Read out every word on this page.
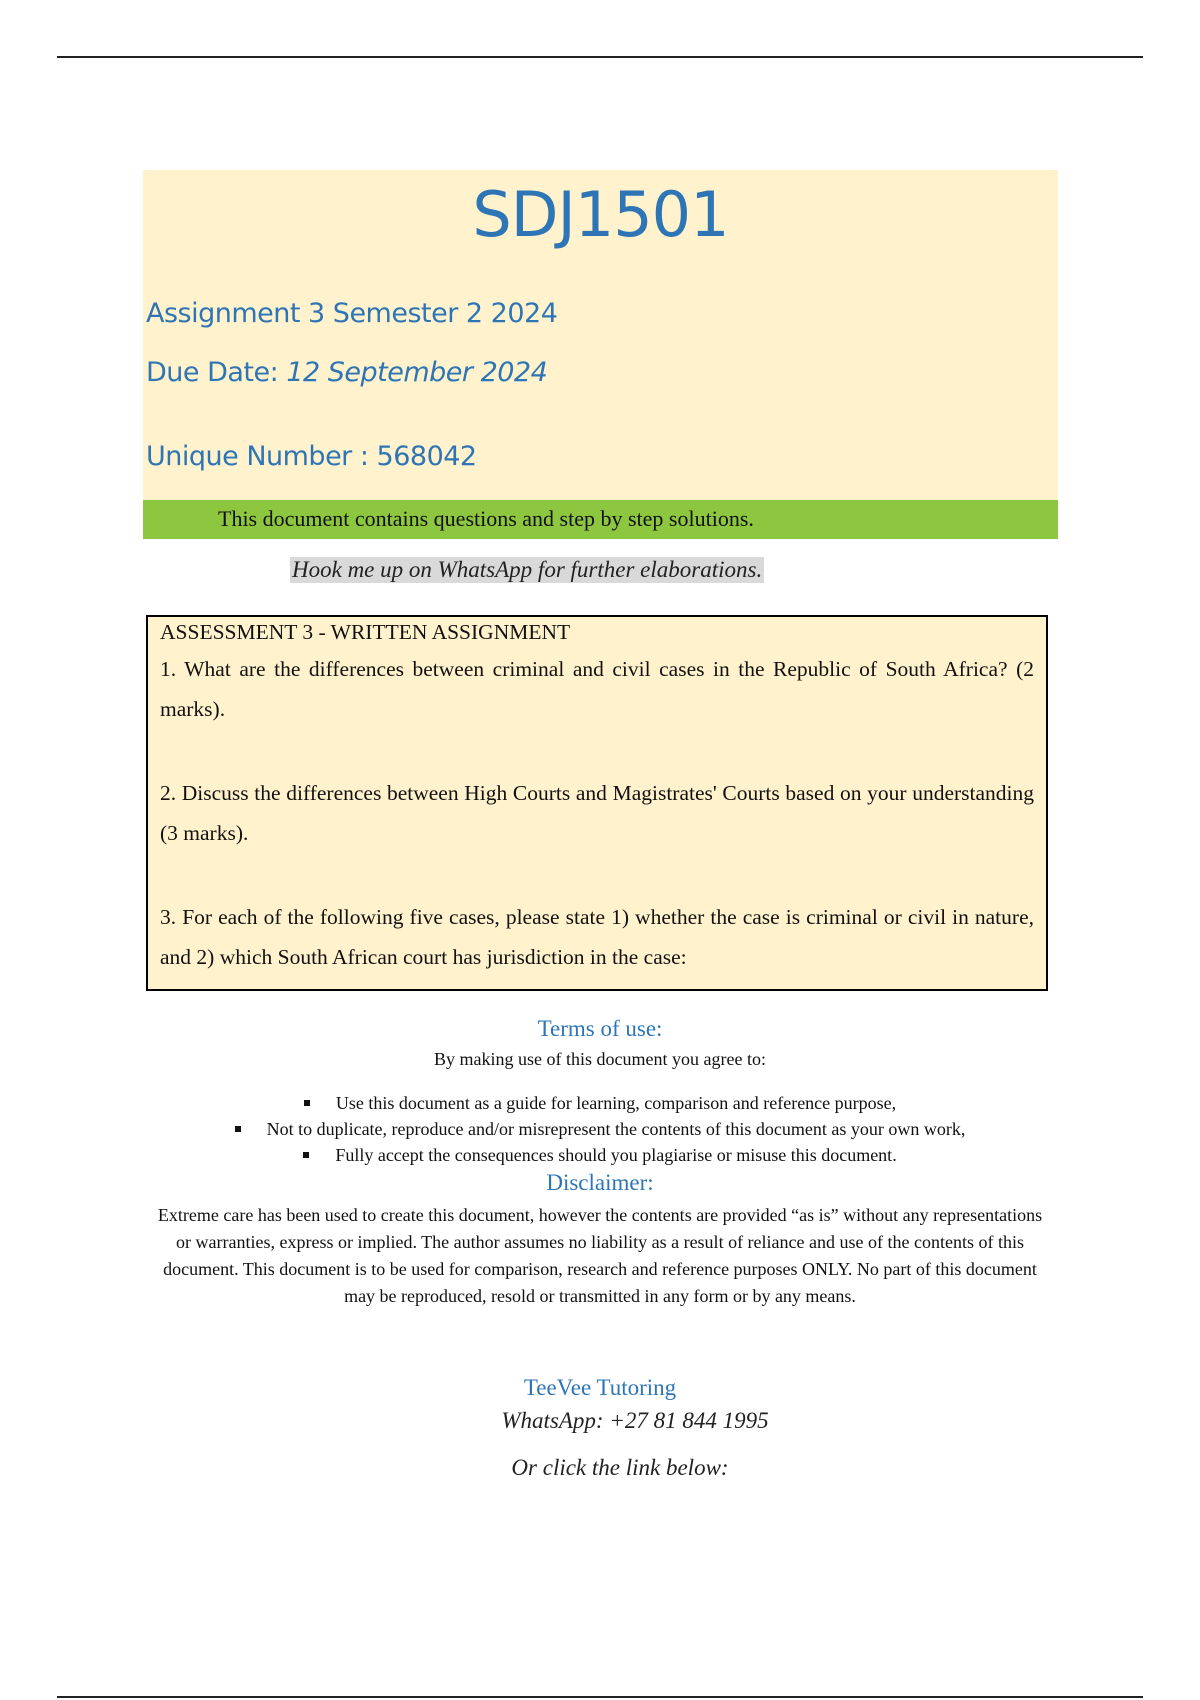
SDJ1501
Assignment 3 Semester 2 2024
Due Date: 12 September 2024
Unique Number : 568042
This document contains questions and step by step solutions.
Hook me up on WhatsApp for further elaborations.
ASSESSMENT 3 - WRITTEN ASSIGNMENT

1. What are the differences between criminal and civil cases in the Republic of South Africa? (2 marks).

2. Discuss the differences between High Courts and Magistrates' Courts based on your understanding (3 marks).

3. For each of the following five cases, please state 1) whether the case is criminal or civil in nature, and 2) which South African court has jurisdiction in the case:

Terms of use:
By making use of this document you agree to:
Use this document as a guide for learning, comparison and reference purpose,
Not to duplicate, reproduce and/or misrepresent the contents of this document as your own work,
Fully accept the consequences should you plagiarise or misuse this document.
Disclaimer:
Extreme care has been used to create this document, however the contents are provided “as is” without any representations or warranties, express or implied. The author assumes no liability as a result of reliance and use of the contents of this document. This document is to be used for comparison, research and reference purposes ONLY. No part of this document may be reproduced, resold or transmitted in any form or by any means.
TeeVee Tutoring
WhatsApp: +27 81 844 1995
Or click the link below:
